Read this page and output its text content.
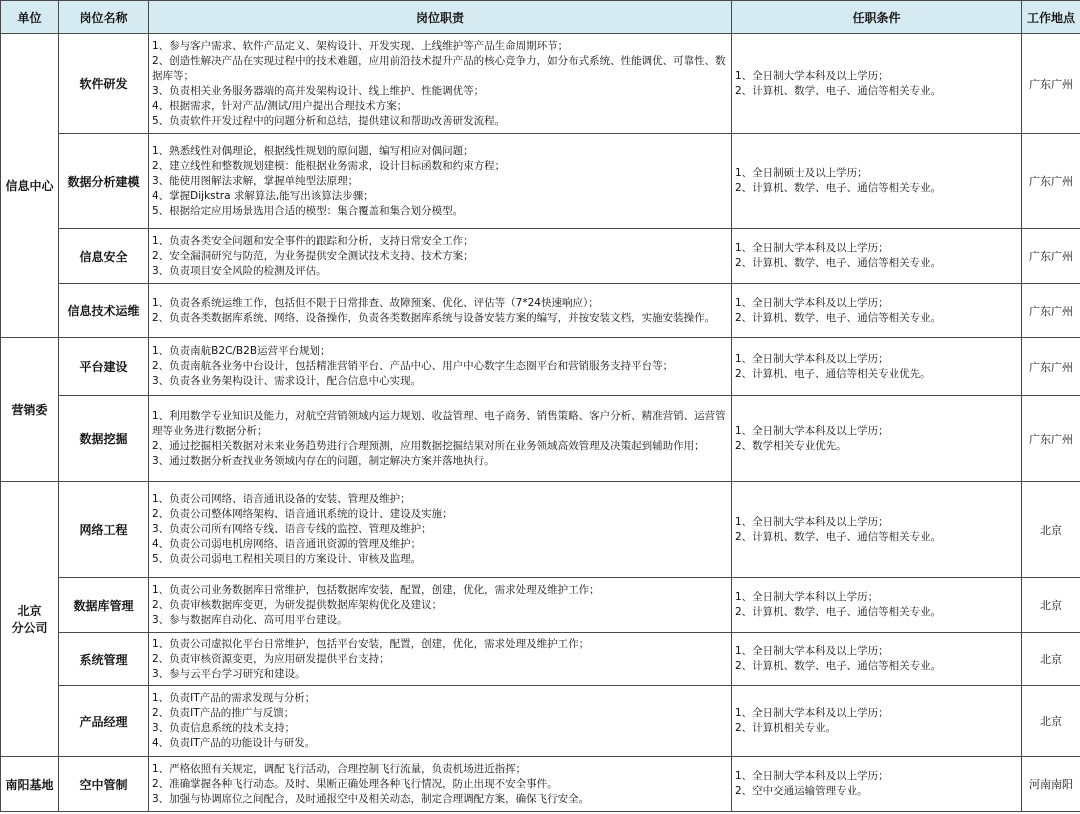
单位	岗位名称	岗位职责	任职条件	工作地点

信息中心	软件研发	1、参与客户需求、软件产品定义、架构设计、开发实现、上线维护等产品生命周期环节；
2、创造性解决产品在实现过程中的技术难题，应用前沿技术提升产品的核心竞争力，如分布式系统、性能调优、可靠性、数据库等；
3、负责相关业务服务器端的高并发架构设计、线上维护、性能调优等；
4、根据需求，针对产品/测试/用户提出合理技术方案；
5、负责软件开发过程中的问题分析和总结，提供建议和帮助改善研发流程。	1、全日制大学本科及以上学历；
2、计算机、数学、电子、通信等相关专业。	广东广州
	数据分析建模	1、熟悉线性对偶理论，根据线性规划的原问题，编写相应对偶问题；
2、建立线性和整数规划建模：能根据业务需求，设计目标函数和约束方程；
3、能使用图解法求解，掌握单纯型法原理；
4、掌握Dijkstra 求解算法,能写出该算法步骤；
5、根据给定应用场景选用合适的模型：集合覆盖和集合划分模型。	1、全日制硕士及以上学历；
2、计算机、数学、电子、通信等相关专业。	广东广州
	信息安全	1、负责各类安全问题和安全事件的跟踪和分析，支持日常安全工作；
2、安全漏洞研究与防范，为业务提供安全测试技术支持、技术方案；
3、负责项目安全风险的检测及评估。	1、全日制大学本科及以上学历；
2、计算机、数学、电子、通信等相关专业。	广东广州
	信息技术运维	1、负责各系统运维工作，包括但不限于日常排查、故障预案、优化、评估等（7*24快速响应）；
2、负责各类数据库系统、网络、设备操作，负责各类数据库系统与设备安装方案的编写，并按安装文档，实施安装操作。	1、全日制大学本科及以上学历；
2、计算机、数学、电子、通信等相关专业。	广东广州

营销委	平台建设	1、负责南航B2C/B2B运营平台规划；
2、负责南航各业务中台设计，包括精准营销平台、产品中心、用户中心数字生态圈平台和营销服务支持平台等；
3、负责各业务架构设计、需求设计，配合信息中心实现。	1、全日制大学本科及以上学历；
2、计算机、电子、通信等相关专业优先。	广东广州
	数据挖掘	1、利用数学专业知识及能力，对航空营销领域内运力规划、收益管理、电子商务、销售策略、客户分析、精准营销、运营管理等业务进行数据分析；
2、通过挖掘相关数据对未来业务趋势进行合理预测，应用数据挖掘结果对所在业务领域高效管理及决策起到辅助作用；
3、通过数据分析查找业务领域内存在的问题，制定解决方案并落地执行。	1、全日制大学本科及以上学历；
2、数学相关专业优先。	广东广州

北京
分公司	网络工程	1、负责公司网络、语音通讯设备的安装、管理及维护；
2、负责公司整体网络架构、语音通讯系统的设计、建设及实施；
3、负责公司所有网络专线、语音专线的监控、管理及维护；
4、负责公司弱电机房网络、语音通讯资源的管理及维护；
5、负责公司弱电工程相关项目的方案设计、审核及监理。	1、全日制大学本科及以上学历；
2、计算机、数学、电子、通信等相关专业。	北京
	数据库管理	1、负责公司业务数据库日常维护，包括数据库安装，配置，创建，优化，需求处理及维护工作；
2、负责审核数据库变更，为研发提供数据库架构优化及建议；
3、参与数据库自动化、高可用平台建设。	1、全日制大学本科以上学历；
2、计算机、数学、电子、通信等相关专业。	北京
	系统管理	1、负责公司虚拟化平台日常维护，包括平台安装，配置，创建，优化，需求处理及维护工作；
2、负责审核资源变更，为应用研发提供平台支持；
3、参与云平台学习研究和建设。	1、全日制大学本科及以上学历；
2、计算机、数学、电子、通信等相关专业。	北京
	产品经理	1、负责IT产品的需求发现与分析；
2、负责IT产品的推广与反馈；
3、负责信息系统的技术支持；
4、负责IT产品的功能设计与研发。	1、全日制大学本科及以上学历；
2、计算机相关专业。	北京

南阳基地	空中管制	1、严格依照有关规定，调配飞行活动，合理控制飞行流量，负责机场进近指挥；
2、准确掌握各种飞行动态。及时、果断正确处理各种飞行情况，防止出现不安全事件。
3、加强与协调席位之间配合，及时通报空中及相关动态，制定合理调配方案，确保飞行安全。	1、全日制大学本科及以上学历；
2、空中交通运输管理专业。	河南南阳
